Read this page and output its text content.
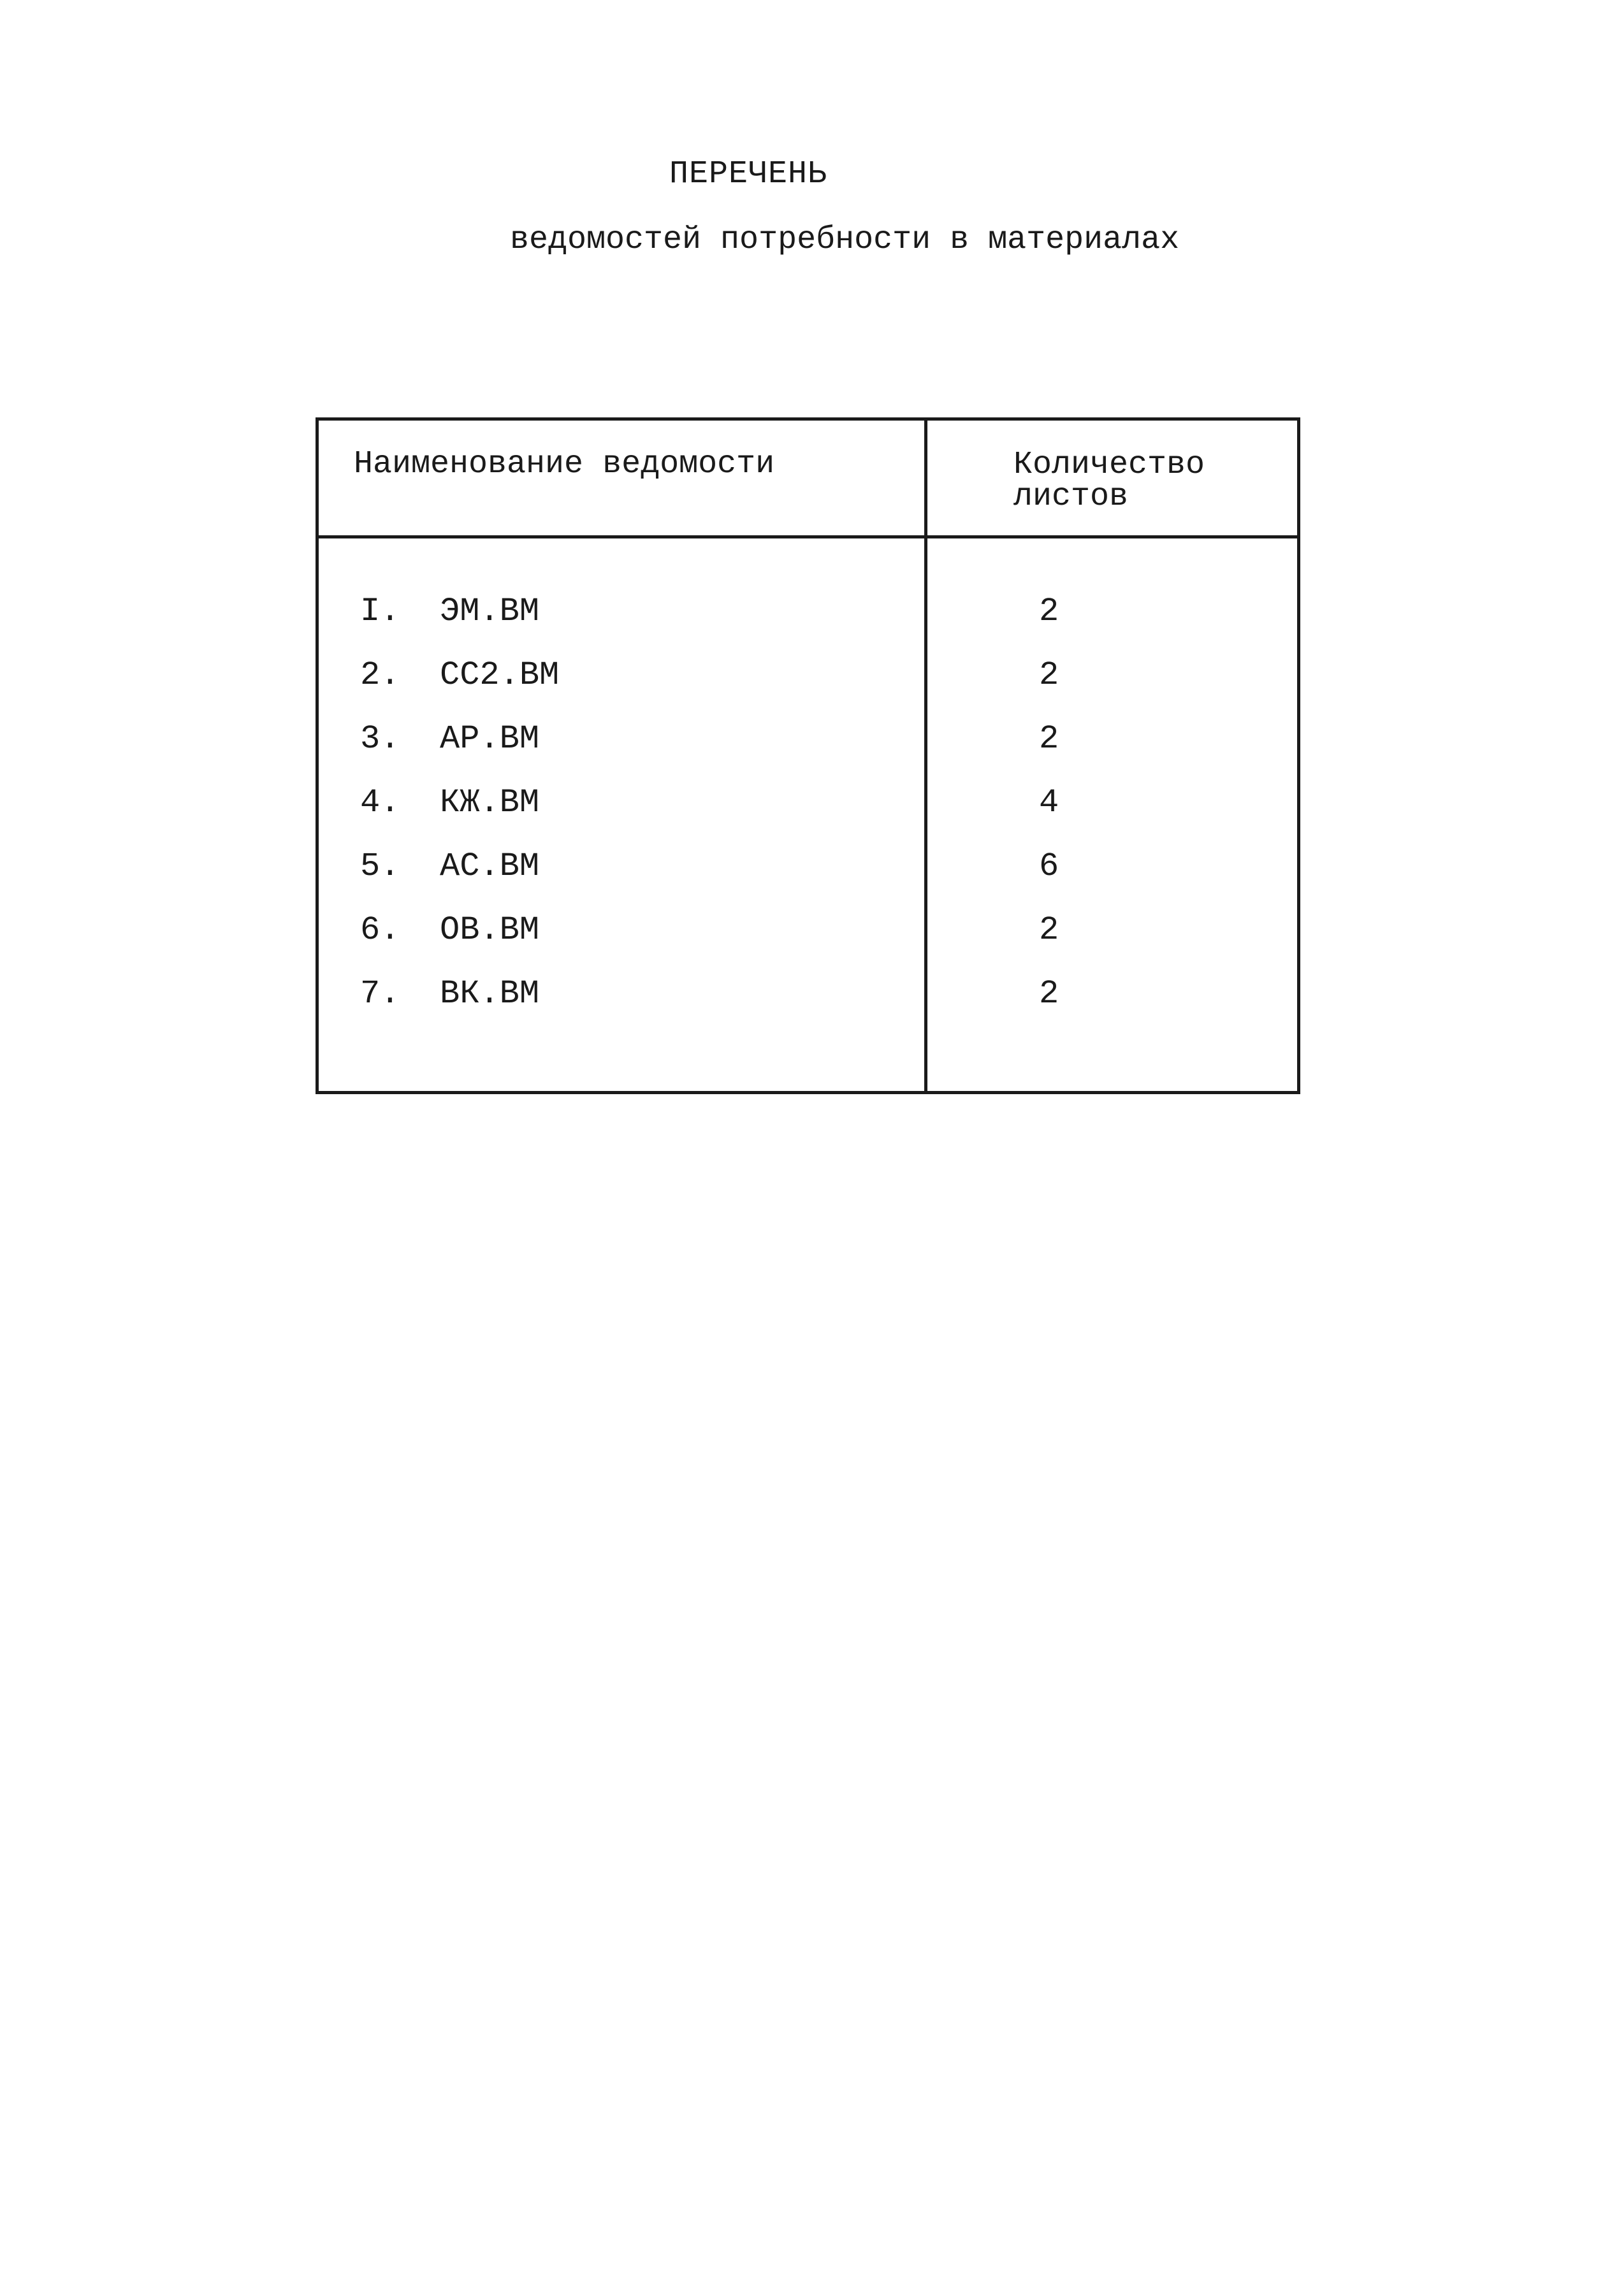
ПЕРЕЧЕНЬ
ведомостей потребности в материалах
Наименование ведомости	Количество
листов
I. ЭМ.ВМ	2
2. СС2.ВМ	2
3. АР.ВМ	2
4. КЖ.ВМ	4
5. АС.ВМ	6
6. ОВ.ВМ	2
7. ВК.ВМ	2
